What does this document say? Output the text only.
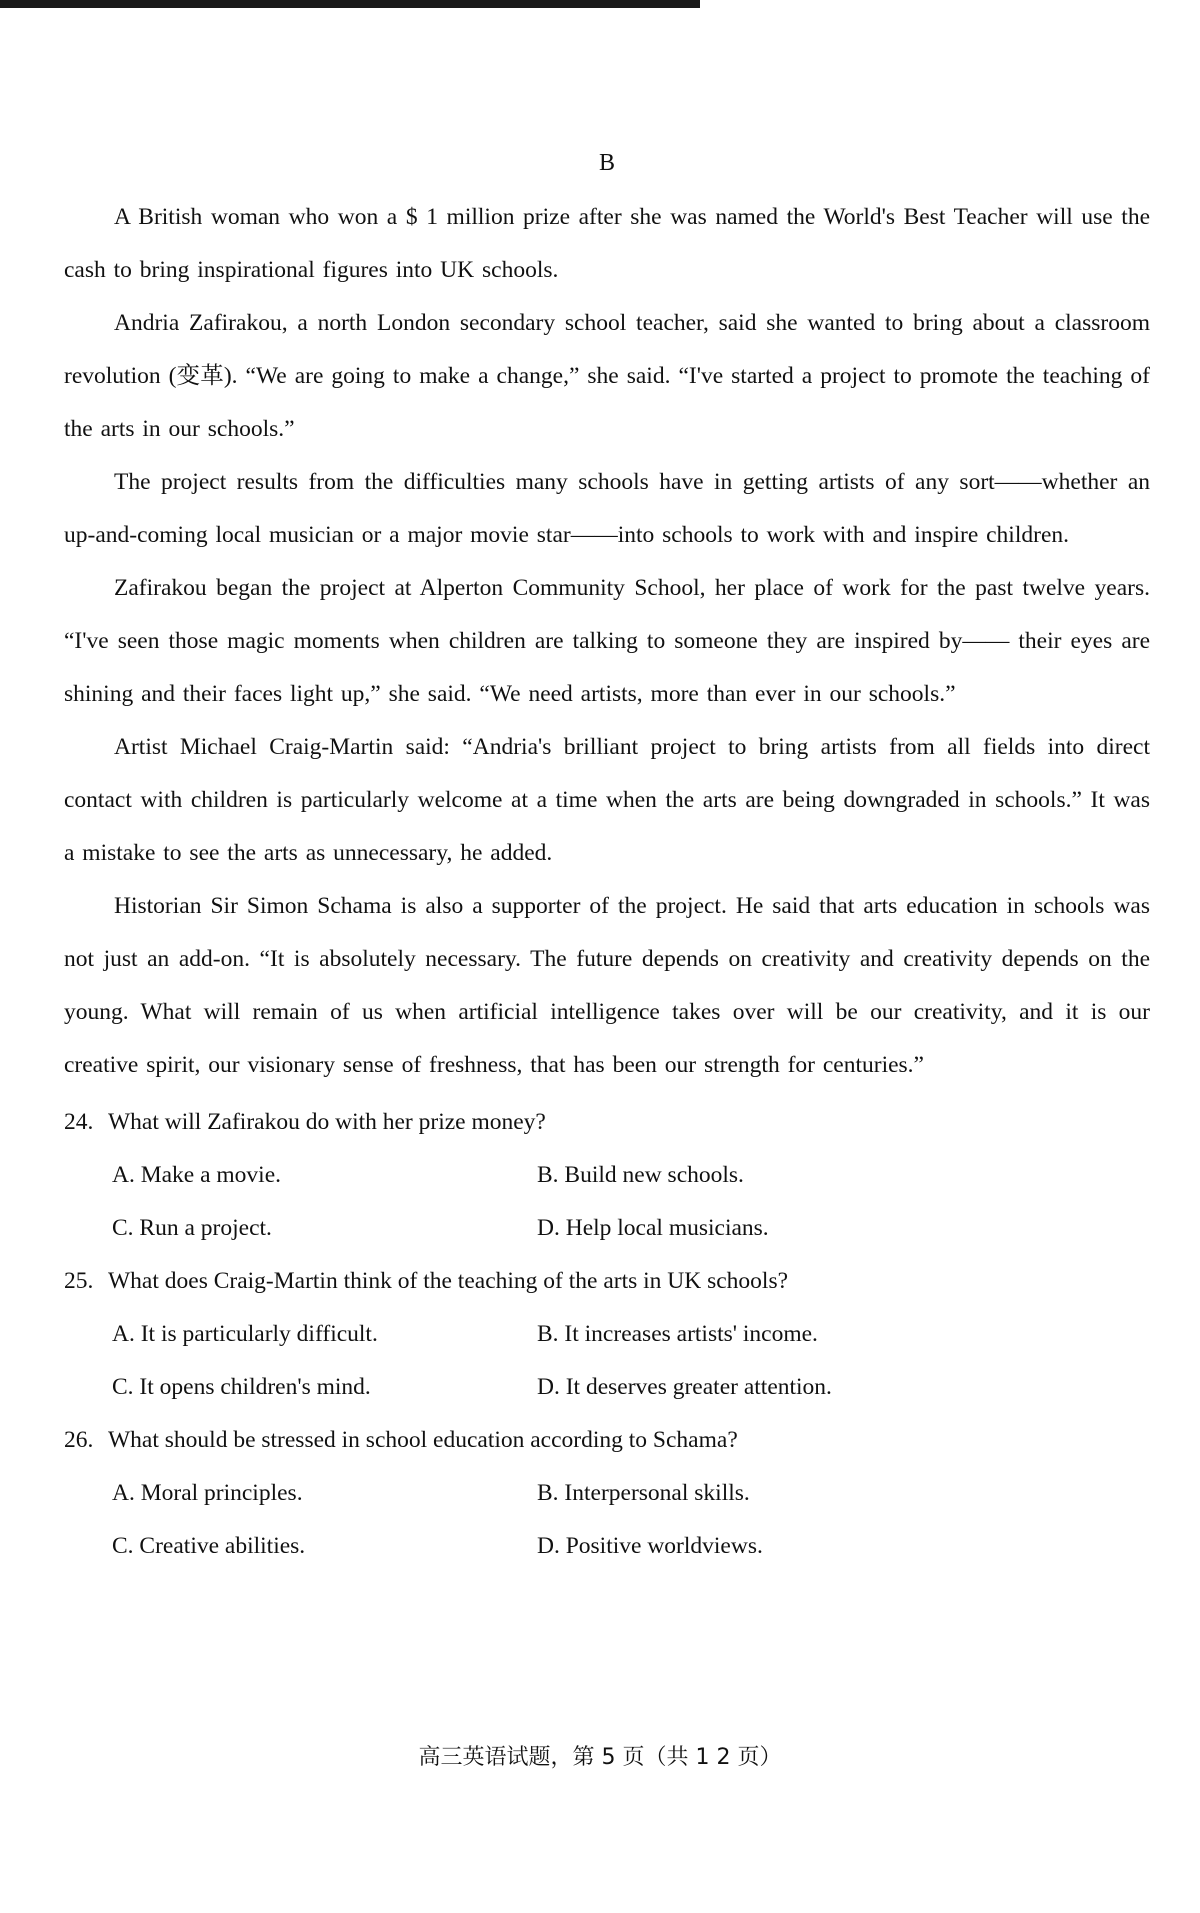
B

A British woman who won a $ 1 million prize after she was named the World's Best Teacher will use the cash to bring inspirational figures into UK schools.

Andria Zafirakou, a north London secondary school teacher, said she wanted to bring about a classroom revolution (变革). “We are going to make a change,” she said. “I've started a project to promote the teaching of the arts in our schools.”

The project results from the difficulties many schools have in getting artists of any sort——whether an up-and-coming local musician or a major movie star——into schools to work with and inspire children.

Zafirakou began the project at Alperton Community School, her place of work for the past twelve years. “I've seen those magic moments when children are talking to someone they are inspired by—— their eyes are shining and their faces light up,” she said. “We need artists, more than ever in our schools.”

Artist Michael Craig-Martin said: “Andria's brilliant project to bring artists from all fields into direct contact with children is particularly welcome at a time when the arts are being downgraded in schools.” It was a mistake to see the arts as unnecessary, he added.

Historian Sir Simon Schama is also a supporter of the project. He said that arts education in schools was not just an add-on. “It is absolutely necessary. The future depends on creativity and creativity depends on the young. What will remain of us when artificial intelligence takes over will be our creativity, and it is our creative spirit, our visionary sense of freshness, that has been our strength for centuries.”

24. What will Zafirakou do with her prize money?

A. Make a movie.	B. Build new schools.
C. Run a project.	D. Help local musicians.

25. What does Craig-Martin think of the teaching of the arts in UK schools?

A. It is particularly difficult.	B. It increases artists' income.
C. It opens children's mind.	D. It deserves greater attention.

26. What should be stressed in school education according to Schama?

A. Moral principles.	B. Interpersonal skills.
C. Creative abilities.	D. Positive worldviews.
高三英语试题，第 5 页（共 1 2 页）
